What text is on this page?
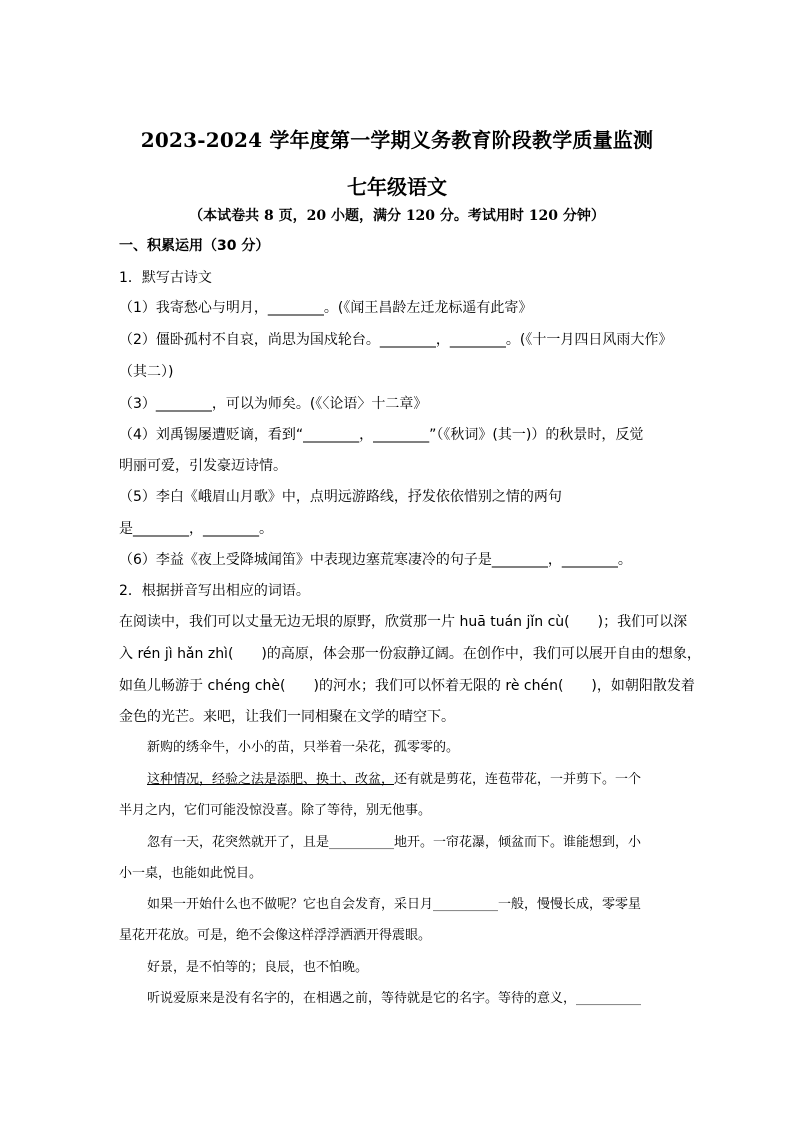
2023-2024 学年度第一学期义务教育阶段教学质量监测
七年级语文
（本试卷共 8 页，20 小题，满分 120 分。考试用时 120 分钟）
一、积累运用（30 分）
1．默写古诗文
（1）我寄愁心与明月，________。(《闻王昌龄左迁龙标遥有此寄》
（2）僵卧孤村不自哀，尚思为国戍轮台。________，________。(《十一月四日风雨大作》
（其二）)
（3）________，可以为师矣。(《〈论语〉十二章》
（4）刘禹锡屡遭贬谪，看到“________，________”（《秋词》(其一)）的秋景时，反觉
明丽可爱，引发豪迈诗情。
（5）李白《峨眉山月歌》中，点明远游路线，抒发依依惜别之情的两句
是________，________。
（6）李益《夜上受降城闻笛》中表现边塞荒寒凄冷的句子是________，________。
2．根据拼音写出相应的词语。
在阅读中，我们可以丈量无边无垠的原野，欣赏那一片 huā tuán jǐn cù(　　)；我们可以深
入 rén jì hǎn zhì(　　)的高原，体会那一份寂静辽阔。在创作中，我们可以展开自由的想象，
如鱼儿畅游于 chéng chè(　　)的河水；我们可以怀着无限的 rè chén(　　)，如朝阳散发着
金色的光芒。来吧，让我们一同相聚在文学的晴空下。
新购的绣伞牛，小小的苗，只举着一朵花，孤零零的。
这种情况，经验之法是添肥、换土、改盆，还有就是剪花，连苞带花，一并剪下。一个
半月之内，它们可能没惊没喜。除了等待，别无他事。
忽有一天，花突然就开了，且是__________地开。一帘花瀑，倾盆而下。谁能想到，小
小一桌，也能如此悦目。
如果一开始什么也不做呢？它也自会发育，采日月__________一般，慢慢长成，零零星
星花开花放。可是，绝不会像这样浮浮洒洒开得震眼。
好景，是不怕等的；良辰，也不怕晚。
听说爱原来是没有名字的，在相遇之前，等待就是它的名字。等待的意义，__________
